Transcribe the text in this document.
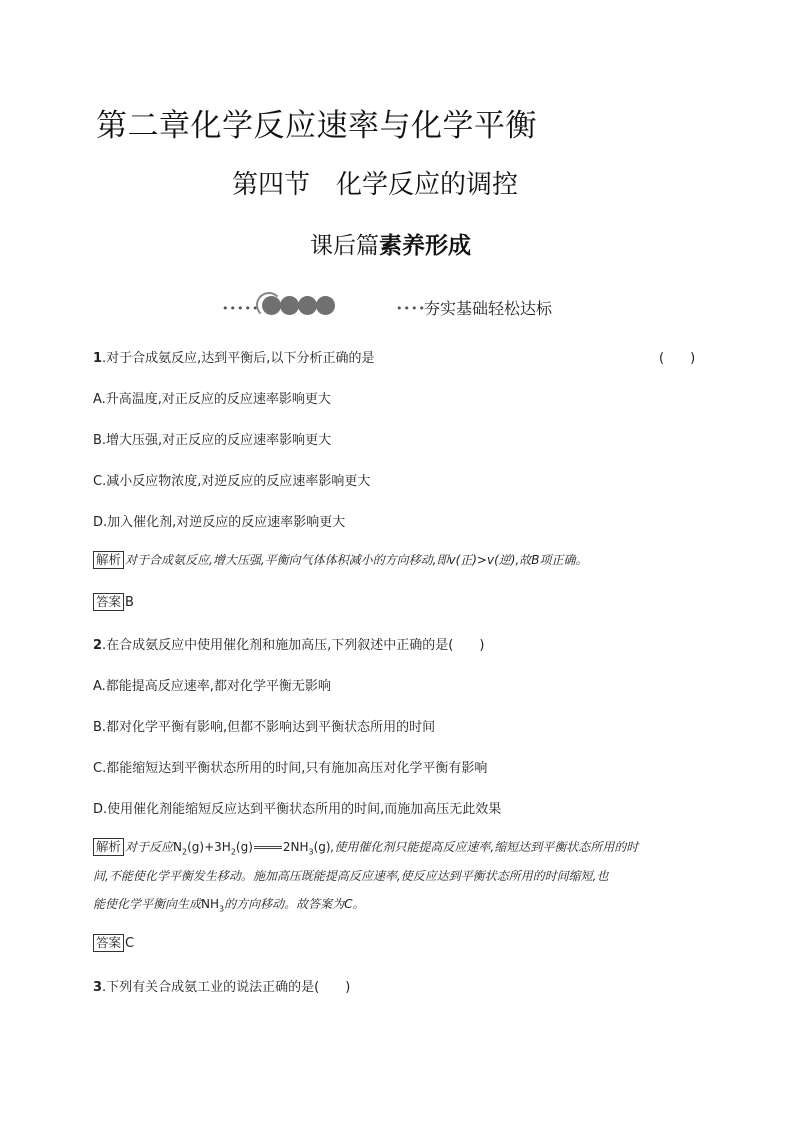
第二章化学反应速率与化学平衡
第四节 化学反应的调控
课后篇素养形成
•••••	••••
夯实基础轻松达标
1.对于合成氨反应,达到平衡后,以下分析正确的是	(　　)
A.升高温度,对正反应的反应速率影响更大
B.增大压强,对正反应的反应速率影响更大
C.减小反应物浓度,对逆反应的反应速率影响更大
D.加入催化剂,对逆反应的反应速率影响更大
解析 对于合成氨反应,增大压强,平衡向气体体积减小的方向移动,即v(正)>v(逆),故B项正确。
答案 B
2.在合成氨反应中使用催化剂和施加高压,下列叙述中正确的是(　　)
A.都能提高反应速率,都对化学平衡无影响
B.都对化学平衡有影响,但都不影响达到平衡状态所用的时间
C.都能缩短达到平衡状态所用的时间,只有施加高压对化学平衡有影响
D.使用催化剂能缩短反应达到平衡状态所用的时间,而施加高压无此效果
解析 对于反应$N_2(g)+3H_2(g)$	$2NH_3(g)$,使用催化剂只能提高反应速率,缩短达到平衡状态所用的时
间,不能使化学平衡发生移动。施加高压既能提高反应速率,使反应达到平衡状态所用的时间缩短,也
能使化学平衡向生成$NH_3$的方向移动。故答案为C。
答案 C
3.下列有关合成氨工业的说法正确的是(　　)
